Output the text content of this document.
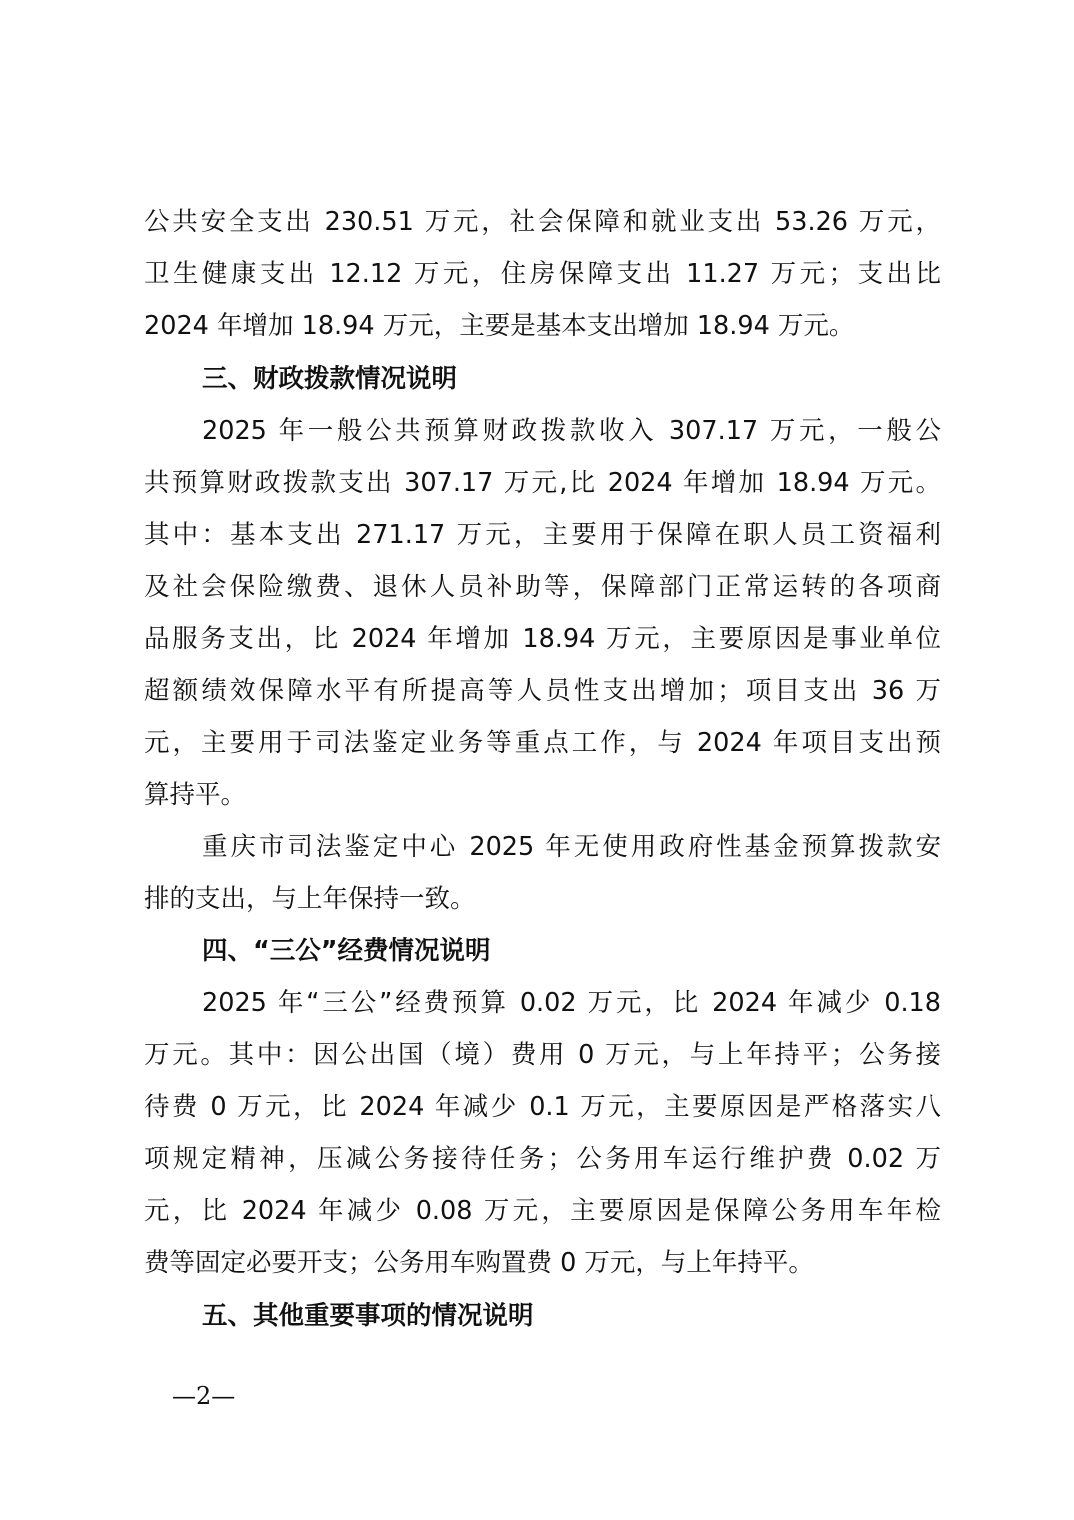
公共安全支出 230.51 万元，社会保障和就业支出 53.26 万元，
卫生健康支出 12.12 万元，住房保障支出 11.27 万元；支出比
2024 年增加 18.94 万元，主要是基本支出增加 18.94 万元。
三、财政拨款情况说明
2025 年一般公共预算财政拨款收入 307.17 万元，一般公
共预算财政拨款支出 307.17 万元,比 2024 年增加 18.94 万元。
其中：基本支出 271.17 万元，主要用于保障在职人员工资福利
及社会保险缴费、退休人员补助等，保障部门正常运转的各项商
品服务支出，比 2024 年增加 18.94 万元，主要原因是事业单位
超额绩效保障水平有所提高等人员性支出增加；项目支出 36 万
元，主要用于司法鉴定业务等重点工作，与 2024 年项目支出预
算持平。
重庆市司法鉴定中心 2025 年无使用政府性基金预算拨款安
排的支出，与上年保持一致。
四、“三公”经费情况说明
2025 年“三公”经费预算 0.02 万元，比 2024 年减少 0.18
万元。其中：因公出国（境）费用 0 万元，与上年持平；公务接
待费 0 万元，比 2024 年减少 0.1 万元，主要原因是严格落实八
项规定精神，压减公务接待任务；公务用车运行维护费 0.02 万
元，比 2024 年减少 0.08 万元，主要原因是保障公务用车年检
费等固定必要开支；公务用车购置费 0 万元，与上年持平。
五、其他重要事项的情况说明
—2—
